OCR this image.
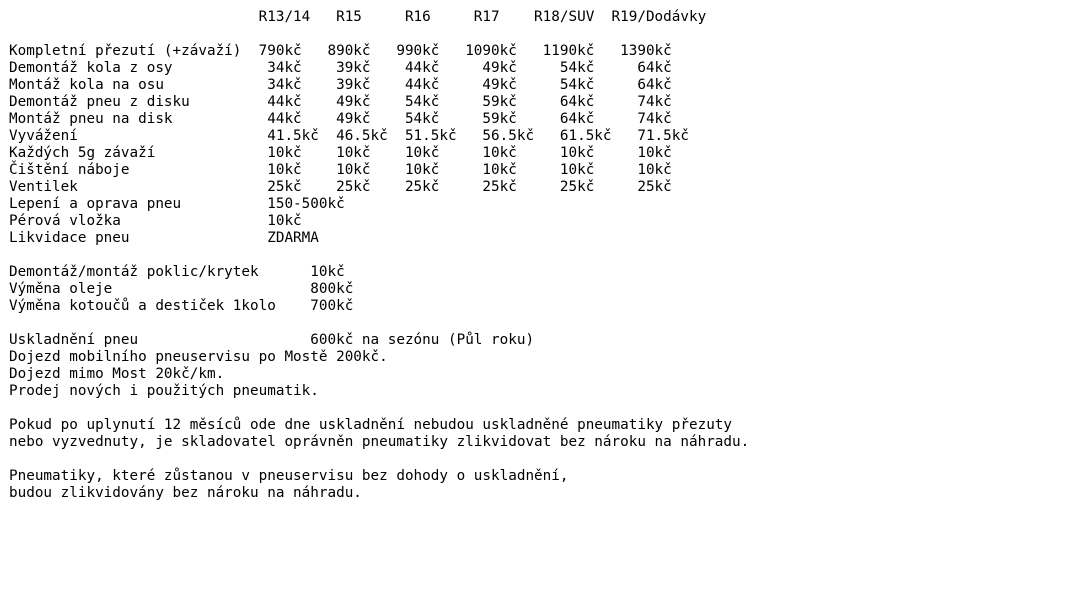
R13/14   R15     R16     R17    R18/SUV  R19/Dodávky
Kompletní přezutí (+závaží)  790kč   890kč   990kč   1090kč   1190kč   1390kč
Demontáž kola z osy           34kč    39kč    44kč     49kč     54kč     64kč
Montáž kola na osu            34kč    39kč    44kč     49kč     54kč     64kč
Demontáž pneu z disku         44kč    49kč    54kč     59kč     64kč     74kč
Montáž pneu na disk           44kč    49kč    54kč     59kč     64kč     74kč
Vyvážení                      41.5kč  46.5kč  51.5kč   56.5kč   61.5kč   71.5kč
Každých 5g závaží             10kč    10kč    10kč     10kč     10kč     10kč
Čištění náboje                10kč    10kč    10kč     10kč     10kč     10kč
Ventilek                      25kč    25kč    25kč     25kč     25kč     25kč
Lepení a oprava pneu          150-500kč
Pérová vložka                 10kč
Likvidace pneu                ZDARMA
Demontáž/montáž poklic/krytek      10kč
Výměna oleje                       800kč
Výměna kotoučů a destiček 1kolo    700kč
Uskladnění pneu                    600kč na sezónu (Půl roku)
Dojezd mobilního pneuservisu po Mostě 200kč.
Dojezd mimo Most 20kč/km.
Prodej nových i použitých pneumatik.
Pokud po uplynutí 12 měsíců ode dne uskladnění nebudou uskladněné pneumatiky přezuty
nebo vyzvednuty, je skladovatel oprávněn pneumatiky zlikvidovat bez nároku na náhradu.
Pneumatiky, které zůstanou v pneuservisu bez dohody o uskladnění,
budou zlikvidovány bez nároku na náhradu.
